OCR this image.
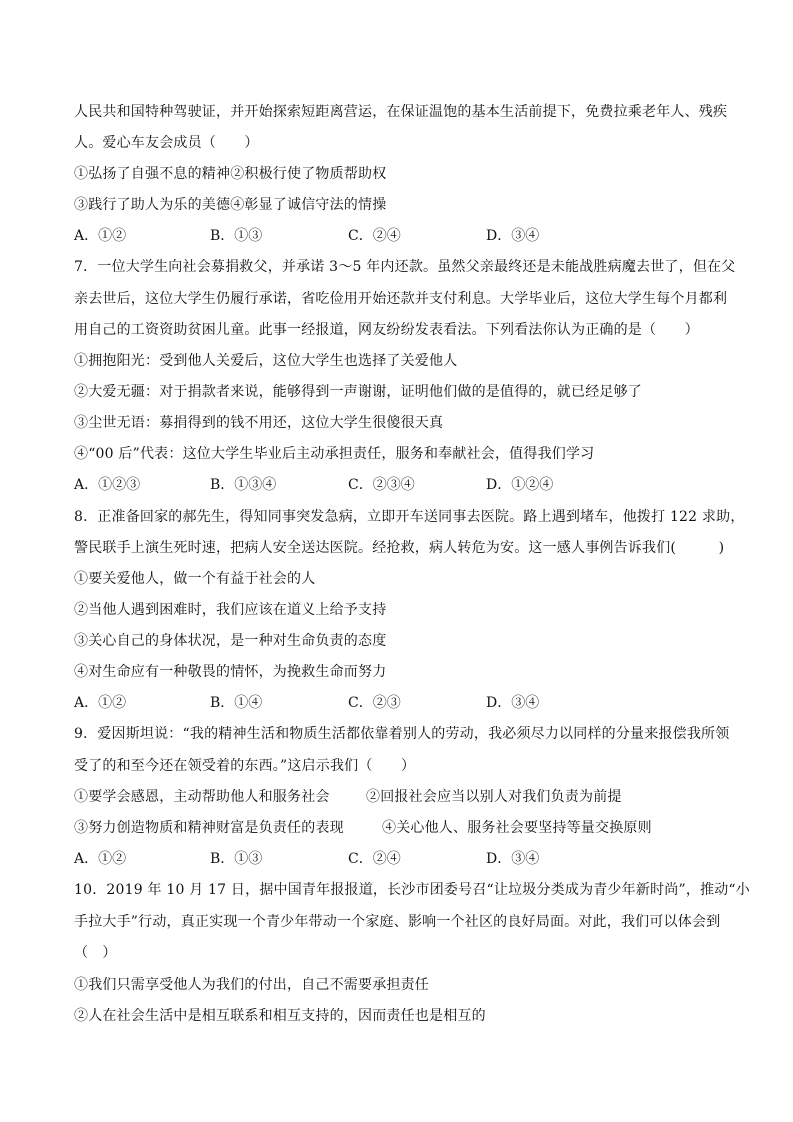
人民共和国特种驾驶证，并开始探索短距离营运，在保证温饱的基本生活前提下，免费拉乘老年人、残疾
人。爱心车友会成员（　　）
①弘扬了自强不息的精神②积极行使了物质帮助权
③践行了助人为乐的美德④彰显了诚信守法的情操
A．①②	B．①③	C．②④	D．③④
7．一位大学生向社会募捐救父，并承诺 3～5 年内还款。虽然父亲最终还是未能战胜病魔去世了，但在父
亲去世后，这位大学生仍履行承诺，省吃俭用开始还款并支付利息。大学毕业后，这位大学生每个月都利
用自己的工资资助贫困儿童。此事一经报道，网友纷纷发表看法。下列看法你认为正确的是（　　）
①拥抱阳光：受到他人关爱后，这位大学生也选择了关爱他人
②大爱无疆：对于捐款者来说，能够得到一声谢谢，证明他们做的是值得的，就已经足够了
③尘世无语：募捐得到的钱不用还，这位大学生很傻很天真
④“00 后”代表：这位大学生毕业后主动承担责任，服务和奉献社会，值得我们学习
A．①②③	B．①③④	C．②③④	D．①②④
8．正准备回家的郝先生，得知同事突发急病，立即开车送同事去医院。路上遇到堵车，他拨打 122 求助，
警民联手上演生死时速，把病人安全送达医院。经抢救，病人转危为安。这一感人事例告诉我们(　　　)
①要关爱他人，做一个有益于社会的人
②当他人遇到困难时，我们应该在道义上给予支持
③关心自己的身体状况，是一种对生命负责的态度
④对生命应有一种敬畏的情怀，为挽救生命而努力
A．①②	B．①④	C．②③	D．③④
9．爱因斯坦说：“我的精神生活和物质生活都依靠着别人的劳动，我必须尽力以同样的分量来报偿我所领
受了的和至今还在领受着的东西。”这启示我们（　　）
①要学会感恩，主动帮助他人和服务社会	②回报社会应当以别人对我们负责为前提
③努力创造物质和精神财富是负责任的表现	④关心他人、服务社会要坚持等量交换原则
A．①②	B．①③	C．②④	D．③④
10．2019 年 10 月 17 日，据中国青年报报道，长沙市团委号召“让垃圾分类成为青少年新时尚”，推动“小
手拉大手”行动，真正实现一个青少年带动一个家庭、影响一个社区的良好局面。对此，我们可以体会到
（　）
①我们只需享受他人为我们的付出，自己不需要承担责任
②人在社会生活中是相互联系和相互支持的，因而责任也是相互的
